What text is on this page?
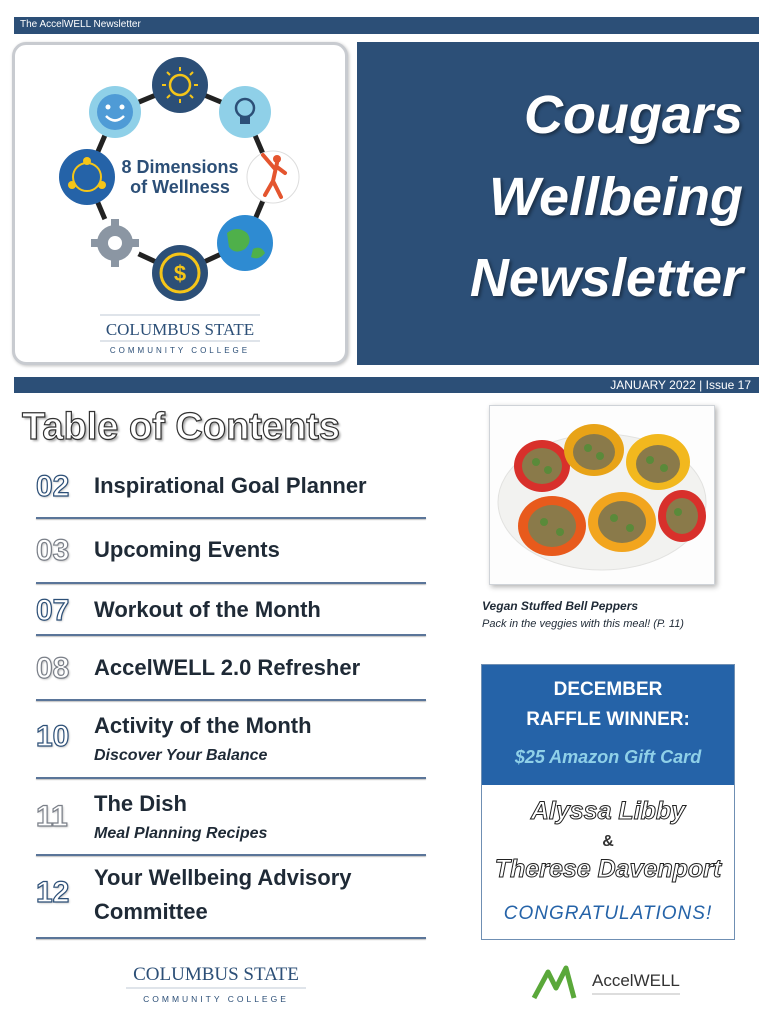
The AccelWELL Newsletter
$
8 Dimensions
of Wellness
COLUMBUS STATE
COMMUNITY COLLEGE
Cougars
Wellbeing
Newsletter
JANUARY 2022 | Issue 17
Table of Contents
02 Inspirational Goal Planner
03 Upcoming Events
07 Workout of the Month
08 AccelWELL 2.0 Refresher
10 Activity of the Month
Discover Your Balance
11 The Dish
Meal Planning Recipes
12 Your Wellbeing Advisory
Committee
Vegan Stuffed Bell Peppers
Pack in the veggies with this meal! (P. 11)
DECEMBER
RAFFLE WINNER:
$25 Amazon Gift Card
Alyssa Libby
&
Therese Davenport
CONGRATULATIONS!
COLUMBUS STATE
COMMUNITY COLLEGE
AccelWELL
